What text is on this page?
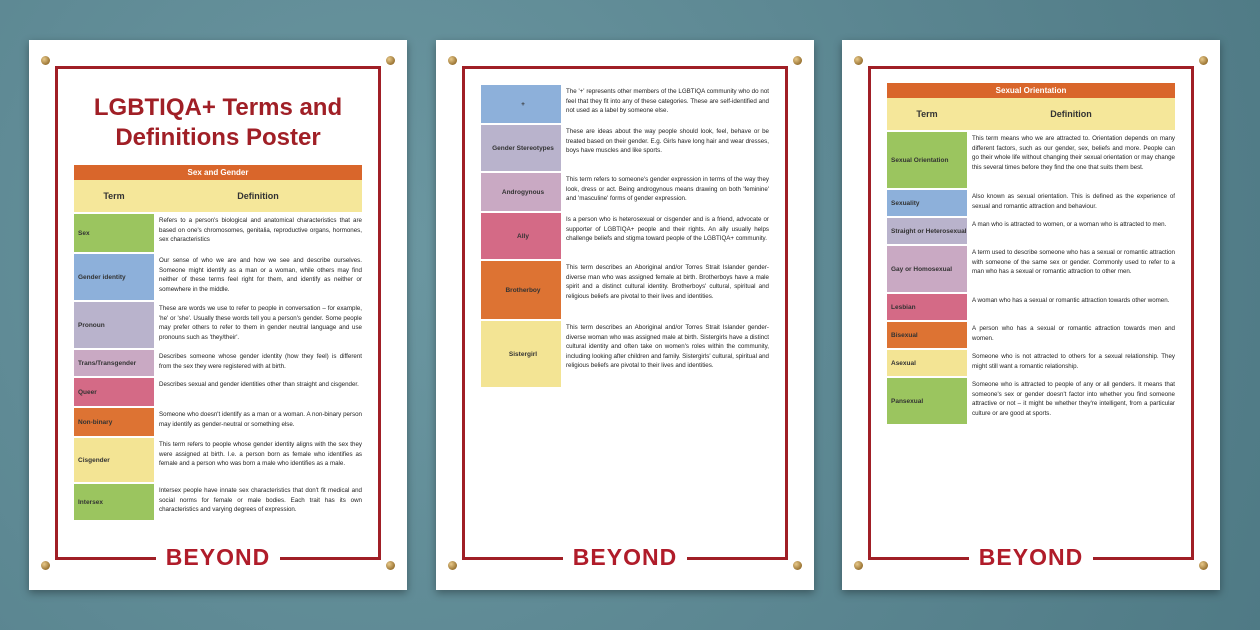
LGBTIQA+ Terms and
Definitions Poster
Sex and Gender
Term	Definition
Sex
Refers to a person's biological and anatomical characteristics that are based on one's chromosomes, genitalia, reproductive organs, hormones, sex characteristics
Gender identity
Our sense of who we are and how we see and describe ourselves. Someone might identify as a man or a woman, while others may find neither of these terms feel right for them, and identify as neither or somewhere in the middle.
Pronoun
These are words we use to refer to people in conversation – for example, 'he' or 'she'. Usually these words tell you a person's gender. Some people may prefer others to refer to them in gender neutral language and use pronouns such as 'they/their'.
Trans/Transgender
Describes someone whose gender identity (how they feel) is different from the sex they were registered with at birth.
Queer
Describes sexual and gender identities other than straight and cisgender.
Non-binary
Someone who doesn't identify as a man or a woman. A non-binary person may identify as gender-neutral or something else.
Cisgender
This term refers to people whose gender identity aligns with the sex they were assigned at birth. I.e. a person born as female who identifies as female and a person who was born a male who identifies as a male.
Intersex
Intersex people have innate sex characteristics that don't fit medical and social norms for female or male bodies. Each trait has its own characteristics and varying degrees of expression.
BEYOND
+
The '+' represents other members of the LGBTIQA community who do not feel that they fit into any of these categories. These are self-identified and not used as a label by someone else.
Gender Stereotypes
These are ideas about the way people should look, feel, behave or be treated based on their gender. E.g. Girls have long hair and wear dresses, boys have muscles and like sports.
Androgynous
This term refers to someone's gender expression in terms of the way they look, dress or act. Being androgynous means drawing on both 'feminine' and 'masculine' forms of gender expression.
Ally
Is a person who is heterosexual or cisgender and is a friend, advocate or supporter of LGBTIQA+ people and their rights. An ally usually helps challenge beliefs and stigma toward people of the LGBTIQA+ community.
Brotherboy
This term describes an Aboriginal and/or Torres Strait Islander gender-diverse man who was assigned female at birth. Brotherboys have a male spirit and a distinct cultural identity. Brotherboys' cultural, spiritual and religious beliefs are pivotal to their lives and identities.
Sistergirl
This term describes an Aboriginal and/or Torres Strait Islander gender-diverse woman who was assigned male at birth. Sistergirls have a distinct cultural identity and often take on women's roles within the community, including looking after children and family. Sistergirls' cultural, spiritual and religious beliefs are pivotal to their lives and identities.
BEYOND
Sexual Orientation
Term	Definition
Sexual Orientation
This term means who we are attracted to. Orientation depends on many different factors, such as our gender, sex, beliefs and more. People can go their whole life without changing their sexual orientation or may change this several times before they find the one that suits them best.
Sexuality
Also known as sexual orientation. This is defined as the experience of sexual and romantic attraction and behaviour.
Straight or Heterosexual
A man who is attracted to women, or a woman who is attracted to men.
Gay or Homosexual
A term used to describe someone who has a sexual or romantic attraction with someone of the same sex or gender. Commonly used to refer to a man who has a sexual or romantic attraction to other men.
Lesbian
A woman who has a sexual or romantic attraction towards other women.
Bisexual
A person who has a sexual or romantic attraction towards men and women.
Asexual
Someone who is not attracted to others for a sexual relationship. They might still want a romantic relationship.
Pansexual
Someone who is attracted to people of any or all genders. It means that someone's sex or gender doesn't factor into whether you find someone attractive or not – it might be whether they're intelligent, from a particular culture or are good at sports.
BEYOND
